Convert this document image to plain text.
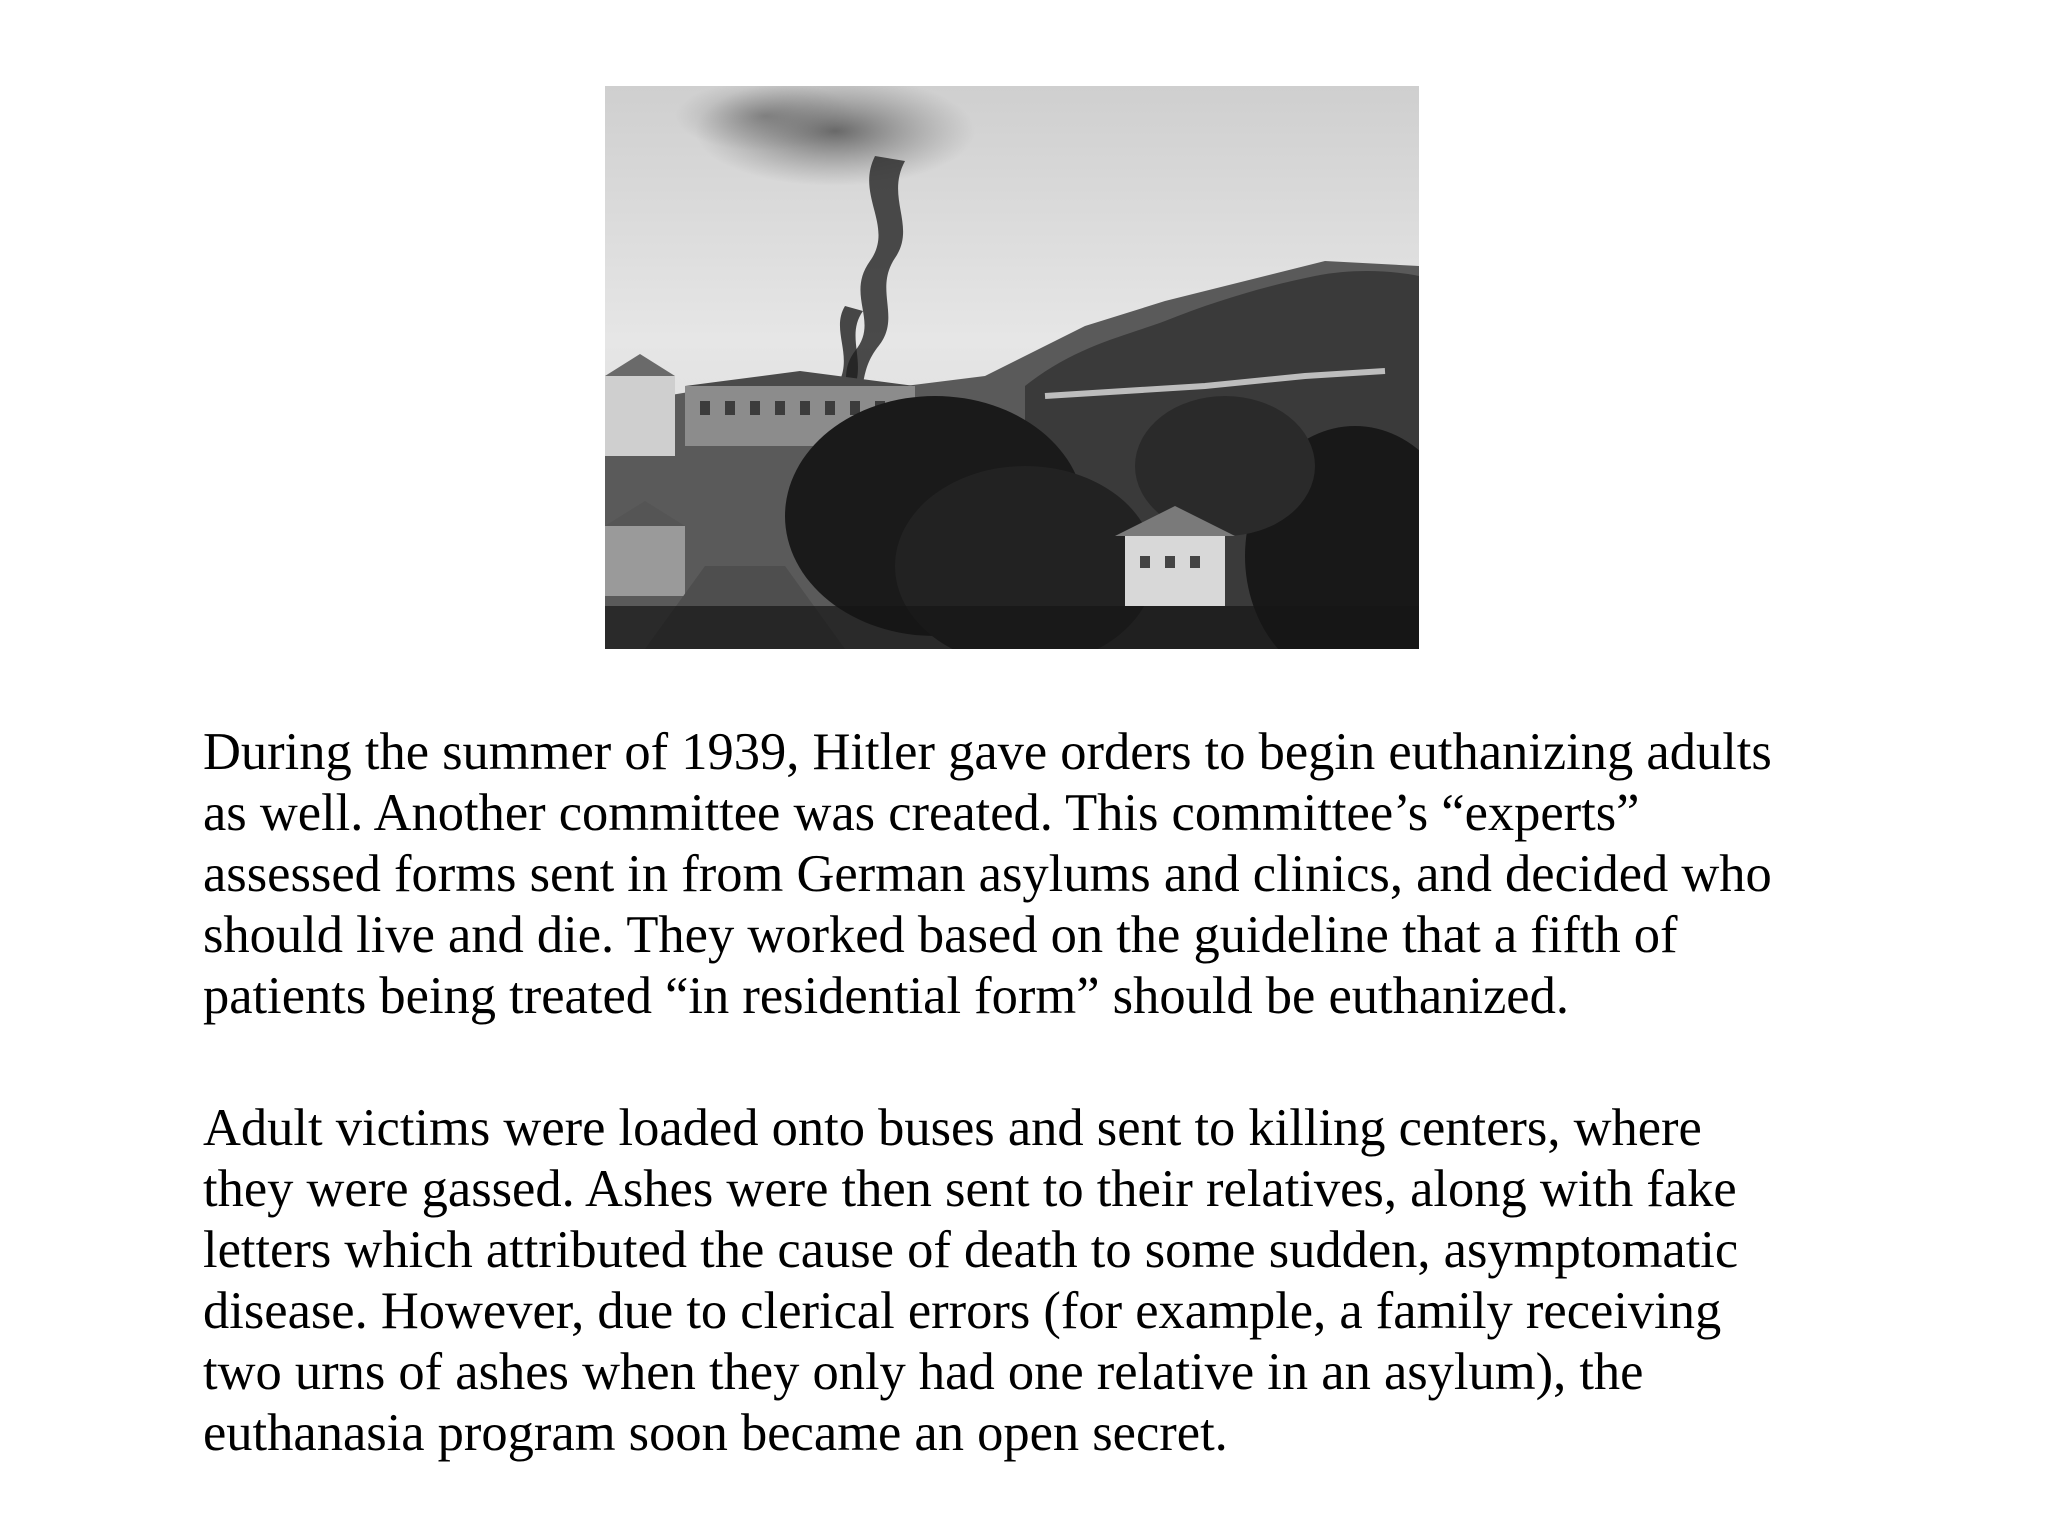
During the summer of 1939, Hitler gave orders to begin euthanizing adults
as well. Another committee was created. This committee’s “experts”
assessed forms sent in from German asylums and clinics, and decided who
should live and die. They worked based on the guideline that a fifth of
patients being treated “in residential form” should be euthanized.
Adult victims were loaded onto buses and sent to killing centers, where
they were gassed. Ashes were then sent to their relatives, along with fake
letters which attributed the cause of death to some sudden, asymptomatic
disease. However, due to clerical errors (for example, a family receiving
two urns of ashes when they only had one relative in an asylum), the
euthanasia program soon became an open secret.
